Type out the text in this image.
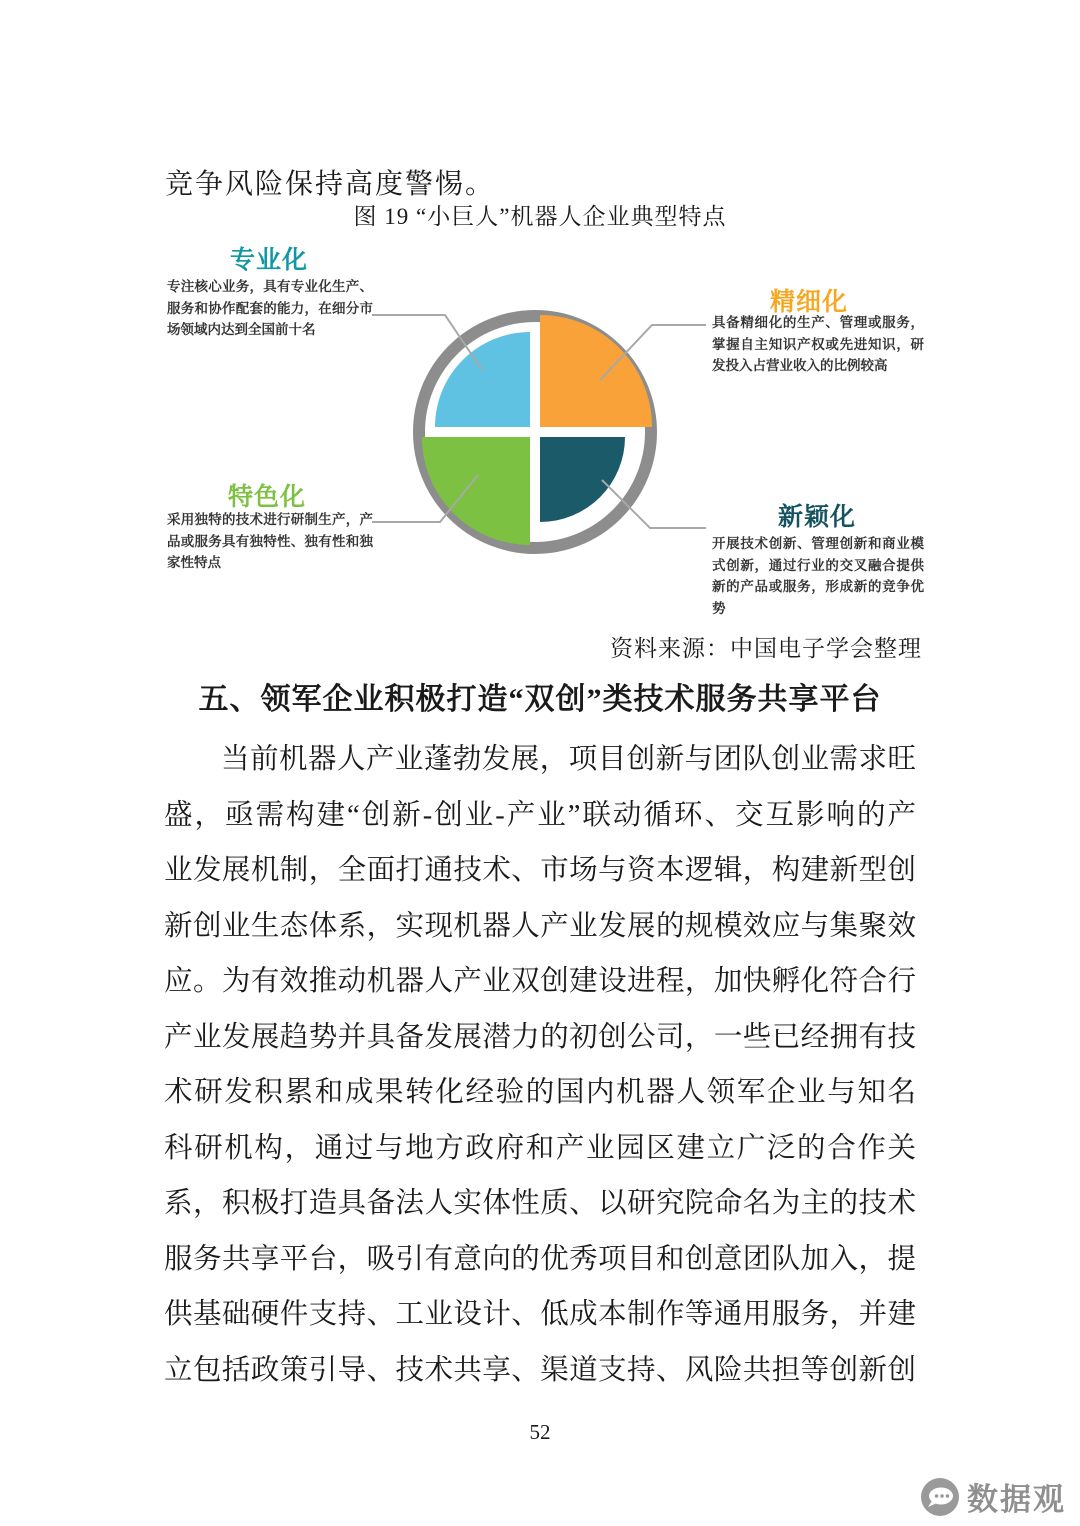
竞争风险保持高度警惕。

图 19 “小巨人”机器人企业典型特点
专业化
专注核心业务，具有专业化生产、服务和协作配套的能力，在细分市场领域内达到全国前十名
精细化
具备精细化的生产、管理或服务，掌握自主知识产权或先进知识，研发投入占营业收入的比例较高
特色化
采用独特的技术进行研制生产，产品或服务具有独特性、独有性和独家性特点
新颖化
开展技术创新、管理创新和商业模式创新，通过行业的交叉融合提供新的产品或服务，形成新的竞争优势
资料来源：中国电子学会整理
五、领军企业积极打造“双创”类技术服务共享平台
当前机器人产业蓬勃发展，项目创新与团队创业需求旺
盛，亟需构建“创新-创业-产业”联动循环、交互影响的产
业发展机制，全面打通技术、市场与资本逻辑，构建新型创
新创业生态体系，实现机器人产业发展的规模效应与集聚效
应。为有效推动机器人产业双创建设进程，加快孵化符合行
产业发展趋势并具备发展潜力的初创公司，一些已经拥有技
术研发积累和成果转化经验的国内机器人领军企业与知名
科研机构，通过与地方政府和产业园区建立广泛的合作关
系，积极打造具备法人实体性质、以研究院命名为主的技术
服务共享平台，吸引有意向的优秀项目和创意团队加入，提
供基础硬件支持、工业设计、低成本制作等通用服务，并建
立包括政策引导、技术共享、渠道支持、风险共担等创新创
52
数据观
